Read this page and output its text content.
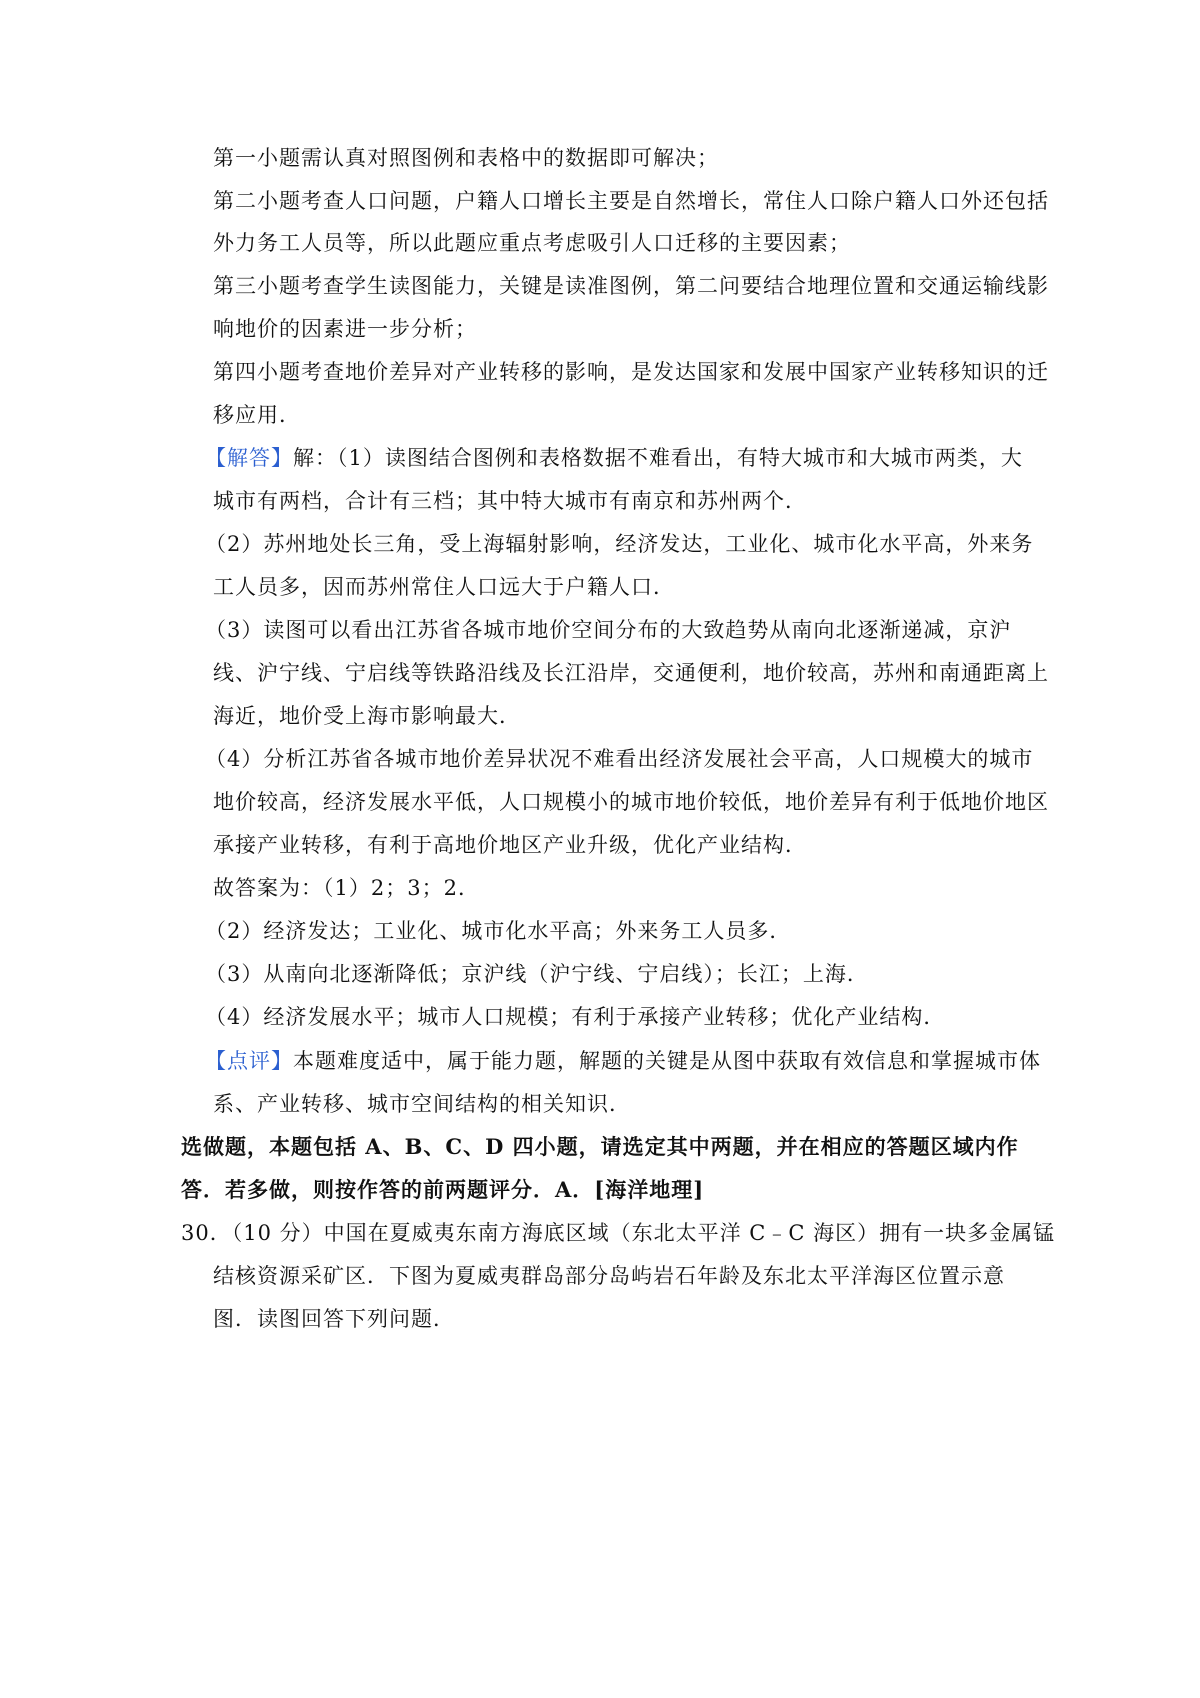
第一小题需认真对照图例和表格中的数据即可解决；
第二小题考查人口问题，户籍人口增长主要是自然增长，常住人口除户籍人口外还包括
外力务工人员等，所以此题应重点考虑吸引人口迁移的主要因素；
第三小题考查学生读图能力，关键是读准图例，第二问要结合地理位置和交通运输线影
响地价的因素进一步分析；
第四小题考查地价差异对产业转移的影响，是发达国家和发展中国家产业转移知识的迁
移应用．
【解答】解：（1）读图结合图例和表格数据不难看出，有特大城市和大城市两类，大
城市有两档，合计有三档；其中特大城市有南京和苏州两个．
（2）苏州地处长三角，受上海辐射影响，经济发达，工业化、城市化水平高，外来务
工人员多，因而苏州常住人口远大于户籍人口．
（3）读图可以看出江苏省各城市地价空间分布的大致趋势从南向北逐渐递减，京沪
线、沪宁线、宁启线等铁路沿线及长江沿岸，交通便利，地价较高，苏州和南通距离上
海近，地价受上海市影响最大．
（4）分析江苏省各城市地价差异状况不难看出经济发展社会平高，人口规模大的城市
地价较高，经济发展水平低，人口规模小的城市地价较低，地价差异有利于低地价地区
承接产业转移，有利于高地价地区产业升级，优化产业结构．
故答案为：（1）2；3；2．
（2）经济发达；工业化、城市化水平高；外来务工人员多．
（3）从南向北逐渐降低；京沪线（沪宁线、宁启线）；长江；上海．
（4）经济发展水平；城市人口规模；有利于承接产业转移；优化产业结构．
【点评】本题难度适中，属于能力题，解题的关键是从图中获取有效信息和掌握城市体
系、产业转移、城市空间结构的相关知识．
选做题，本题包括 A、B、C、D 四小题，请选定其中两题，并在相应的答题区域内作
答．若多做，则按作答的前两题评分．A．[海洋地理]
30．（10 分）中国在夏威夷东南方海底区域（东北太平洋 C﹣C 海区）拥有一块多金属锰
结核资源采矿区．下图为夏威夷群岛部分岛屿岩石年龄及东北太平洋海区位置示意
图．读图回答下列问题．
